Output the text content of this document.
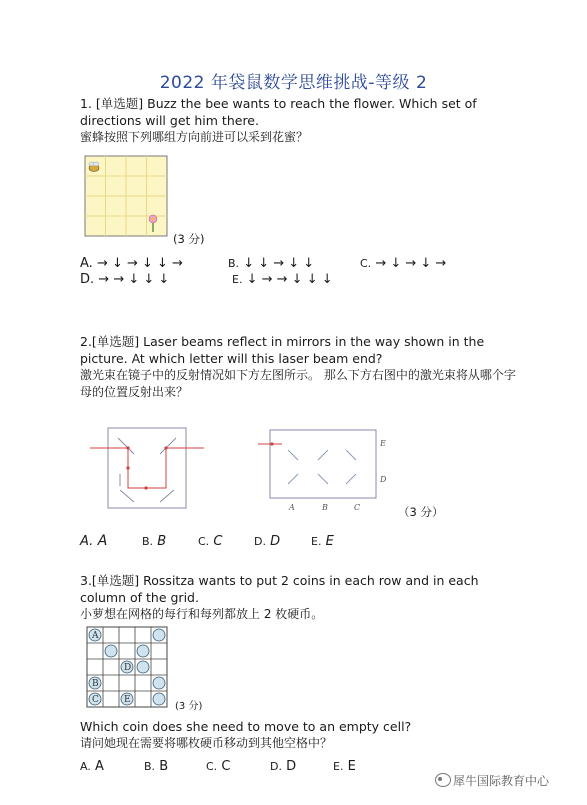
2022 年袋鼠数学思维挑战-等级 2
1. [单选题] Buzz the bee wants to reach the flower. Which set of directions will get him there.
蜜蜂按照下列哪组方向前进可以采到花蜜？
(3 分)
A. → ↓ → ↓ ↓ →	B. ↓ ↓ → ↓ ↓	C. → ↓ → ↓ →
D. → → ↓ ↓ ↓	E. ↓ → → ↓ ↓ ↓
2.[单选题] Laser beams reflect in mirrors in the way shown in the picture. At which letter will this laser beam end?
激光束在镜子中的反射情况如下方左图所示。 那么下方右图中的激光束将从哪个字母的位置反射出来？
A	B	C
E
D
（3 分）
A. A	B. B	C. C	D. D	E. E
3.[单选题] Rossitza wants to put 2 coins in each row and in each column of the grid.
小萝想在网格的每行和每列都放上 2 枚硬币。
A
D
B
C	E
(3 分)
Which coin does she need to move to an empty cell?
请问她现在需要将哪枚硬币移动到其他空格中？
A. A	B. B	C. C	D. D	E. E
犀牛国际教育中心
